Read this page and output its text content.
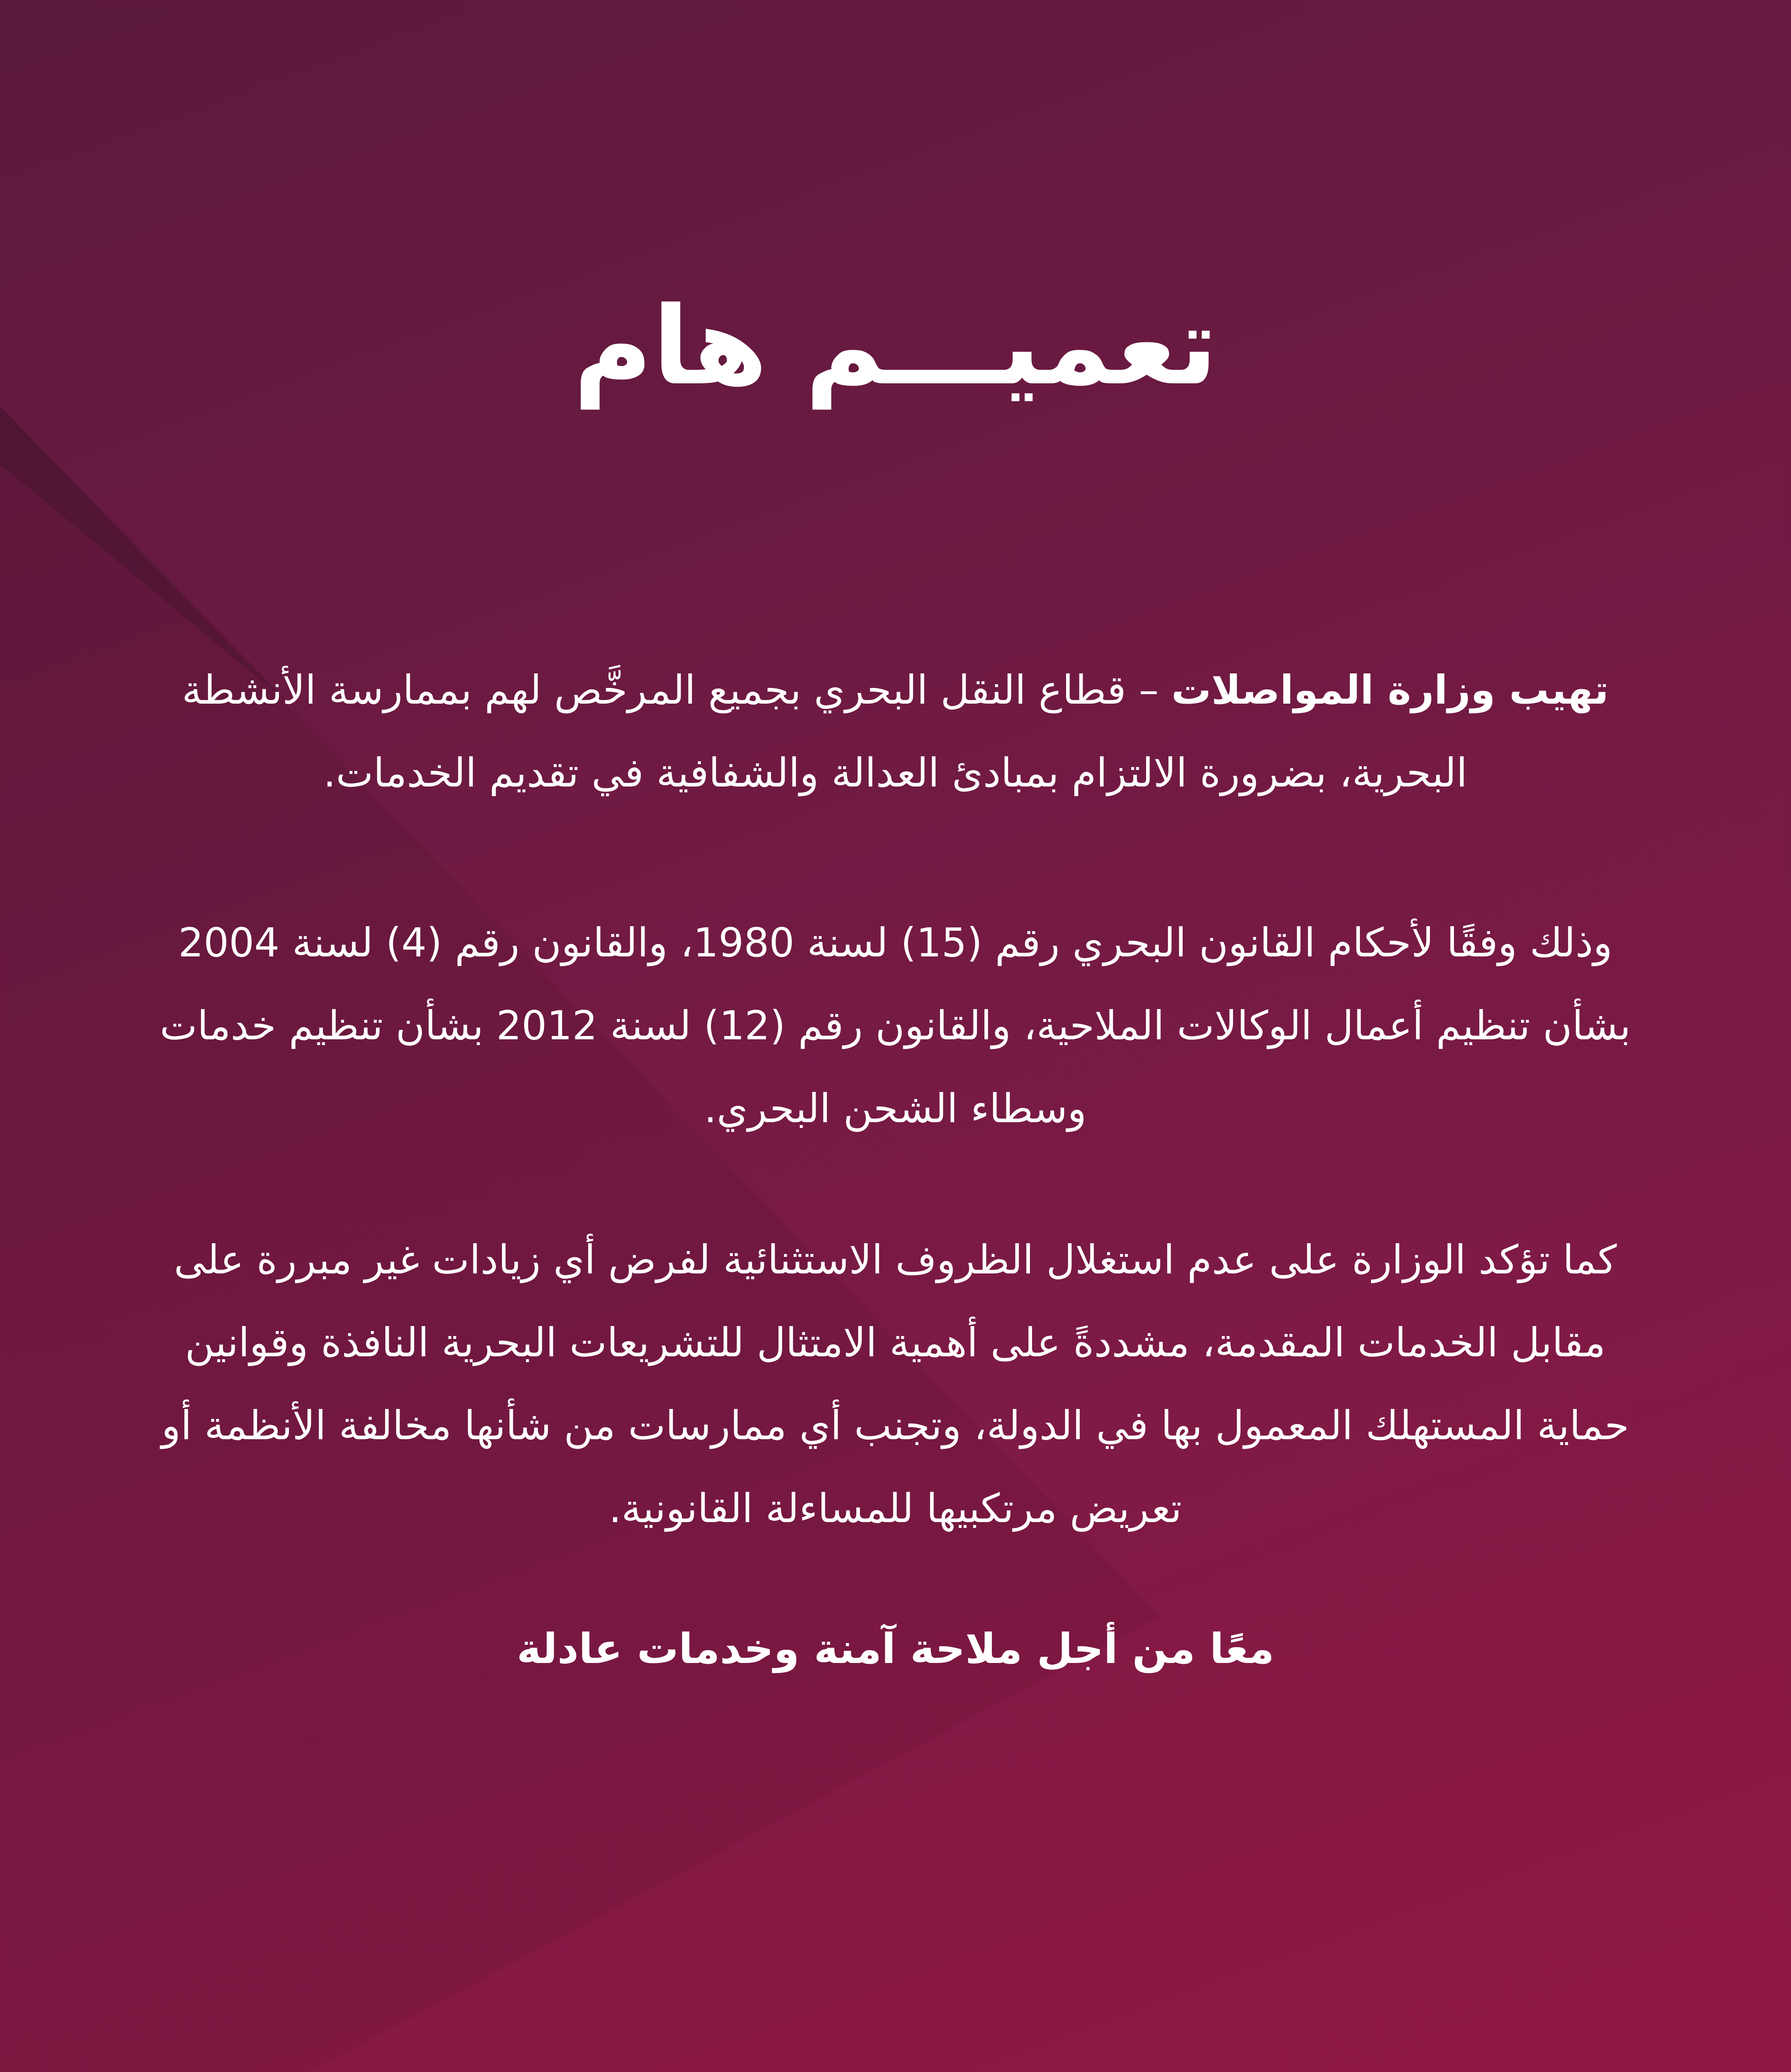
تعميـــم هام

تهيب وزارة المواصلات – قطاع النقل البحري بجميع المرخَّص لهم بممارسة الأنشطة البحرية، بضرورة الالتزام بمبادئ العدالة والشفافية في تقديم الخدمات.

وذلك وفقًا لأحكام القانون البحري رقم (15) لسنة 1980، والقانون رقم (4) لسنة 2004 بشأن تنظيم أعمال الوكالات الملاحية، والقانون رقم (12) لسنة 2012 بشأن تنظيم خدمات وسطاء الشحن البحري.

كما تؤكد الوزارة على عدم استغلال الظروف الاستثنائية لفرض أي زيادات غير مبررة على مقابل الخدمات المقدمة، مشددةً على أهمية الامتثال للتشريعات البحرية النافذة وقوانين حماية المستهلك المعمول بها في الدولة، وتجنب أي ممارسات من شأنها مخالفة الأنظمة أو تعريض مرتكبيها للمساءلة القانونية.

معًا من أجل ملاحة آمنة وخدمات عادلة
